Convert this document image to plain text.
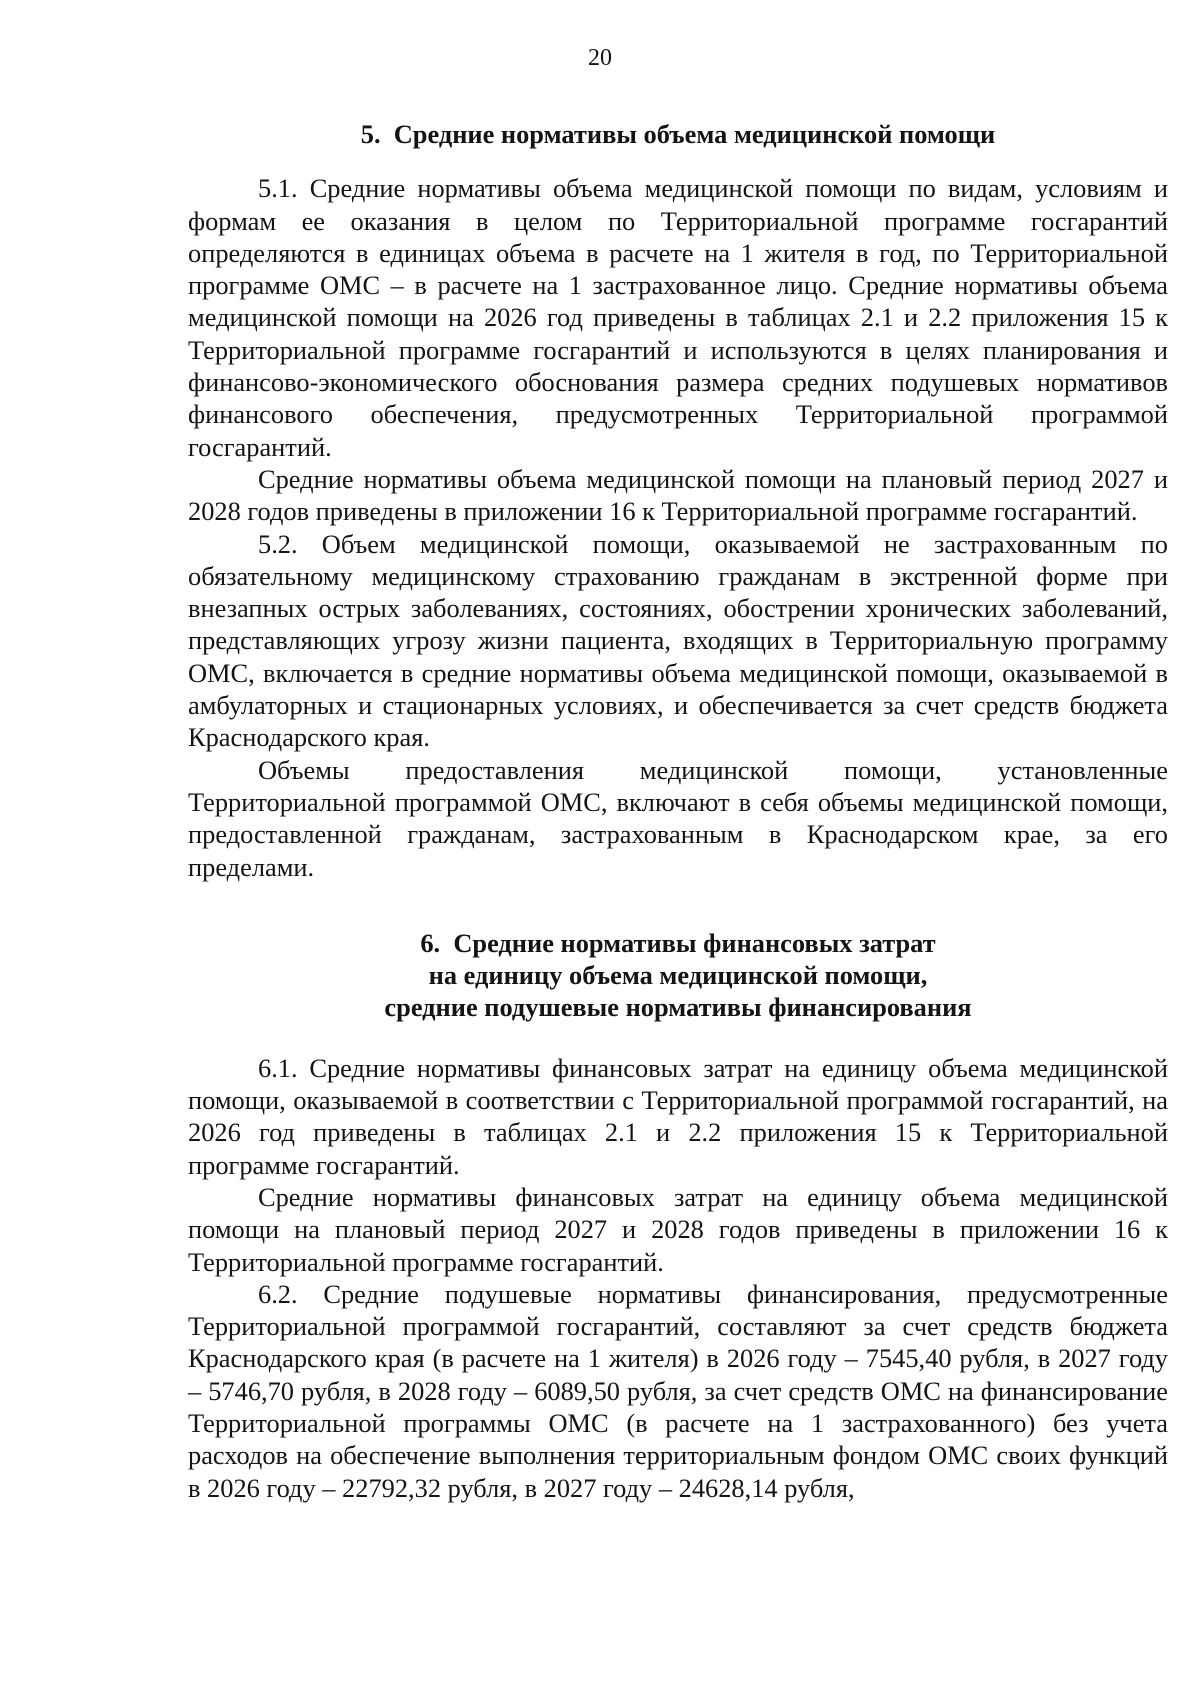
20
5. Средние нормативы объема медицинской помощи

5.1. Средние нормативы объема медицинской помощи по видам, условиям и формам ее оказания в целом по Территориальной программе госгарантий определяются в единицах объема в расчете на 1 жителя в год, по Территориальной программе ОМС – в расчете на 1 застрахованное лицо. Средние нормативы объема медицинской помощи на 2026 год приведены в таблицах 2.1 и 2.2 приложения 15 к Территориальной программе госгарантий и используются в целях планирования и финансово-экономического обоснования размера средних подушевых нормативов финансового обеспечения, предусмотренных Территориальной программой госгарантий.

Средние нормативы объема медицинской помощи на плановый период 2027 и 2028 годов приведены в приложении 16 к Территориальной программе госгарантий.

5.2. Объем медицинской помощи, оказываемой не застрахованным по обязательному медицинскому страхованию гражданам в экстренной форме при внезапных острых заболеваниях, состояниях, обострении хронических заболеваний, представляющих угрозу жизни пациента, входящих в Территориальную программу ОМС, включается в средние нормативы объема медицинской помощи, оказываемой в амбулаторных и стационарных условиях, и обеспечивается за счет средств бюджета Краснодарского края.

Объемы предоставления медицинской помощи, установленные Территориальной программой ОМС, включают в себя объемы медицинской помощи, предоставленной гражданам, застрахованным в Краснодарском крае, за его пределами.

6. Средние нормативы финансовых затрат
на единицу объема медицинской помощи,
средние подушевые нормативы финансирования

6.1. Средние нормативы финансовых затрат на единицу объема медицинской помощи, оказываемой в соответствии с Территориальной программой госгарантий, на 2026 год приведены в таблицах 2.1 и 2.2 приложения 15 к Территориальной программе госгарантий.

Средние нормативы финансовых затрат на единицу объема медицинской помощи на плановый период 2027 и 2028 годов приведены в приложении 16 к Территориальной программе госгарантий.

6.2. Средние подушевые нормативы финансирования, предусмотренные Территориальной программой госгарантий, составляют за счет средств бюджета Краснодарского края (в расчете на 1 жителя) в 2026 году – 7545,40 рубля, в 2027 году – 5746,70 рубля, в 2028 году – 6089,50 рубля, за счет средств ОМС на финансирование Территориальной программы ОМС (в расчете на 1 застрахованного) без учета расходов на обеспечение выполнения территориальным фондом ОМС своих функций в 2026 году – 22792,32 рубля, в 2027 году – 24628,14 рубля,
